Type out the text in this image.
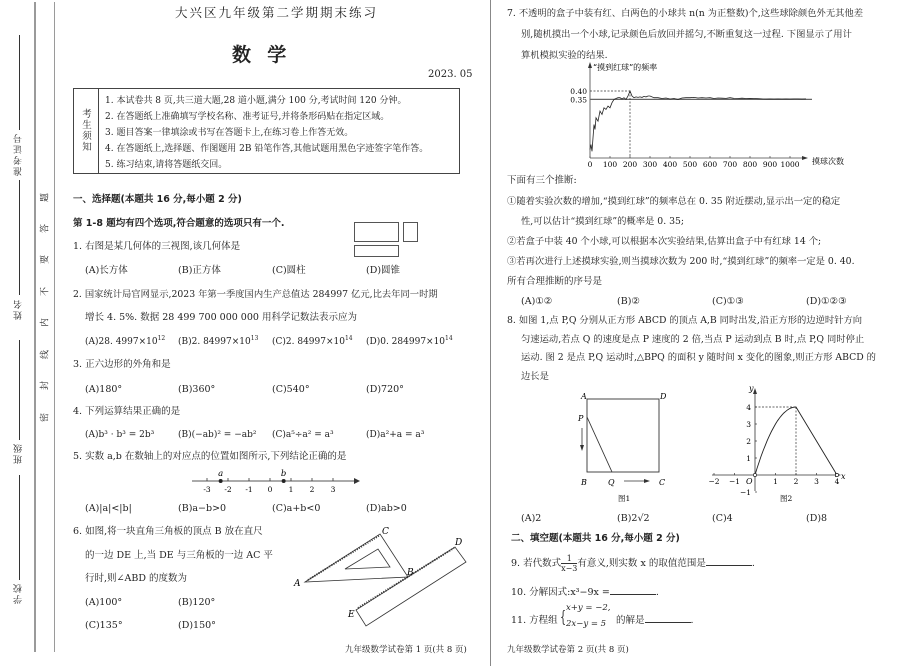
准考证号
姓名
班级
学校
密
封
线
内
不
要
答
题
大兴区九年级第二学期期末练习
数  学
2023. 05
考
生
须
知
1. 本试卷共 8 页,共三道大题,28 道小题,满分 100 分,考试时间 120 分钟。
2. 在答题纸上准确填写学校名称、准考证号,并将条形码贴在指定区域。
3. 题目答案一律填涂或书写在答题卡上,在练习卷上作答无效。
4. 在答题纸上,选择题、作图题用 2B 铅笔作答,其他试题用黑色字迹签字笔作答。
5. 练习结束,请将答题纸交回。
一、选择题(本题共 16 分,每小题 2 分)
第 1-8 题均有四个选项,符合题意的选项只有一个.
1. 右图是某几何体的三视图,该几何体是
(A)长方体	(B)正方体	(C)圆柱	(D)圆锥
2. 国家统计局官网显示,2023 年第一季度国内生产总值达 284997 亿元,比去年同一时期
增长 4. 5%. 数据 28 499 700 000 000 用科学记数法表示应为
(A)28. $4997\times 10^{12}$ (B)2. $84997\times 10^{13}$ (C)2. $84997\times 10^{14}$ (D)0. $284997\times 10^{14}$
3. 正六边形的外角和是
(A)180°	(B)360°	(C)540°	(D)720°
4. 下列运算结果正确的是
(A)b³ · b³ = 2b³	(B)(−ab)² = −ab² (C)a⁵÷a² = a³	(D)a²+a = a³
5. 实数 a,b 在数轴上的对应点的位置如图所示,下列结论正确的是
-3 -2 -1 0 1 2 3
a	b
(A)|a|<|b|	(B)a−b>0	(C)a+b<0	(D)ab>0
6. 如图,将一块直角三角板的顶点 B 放在直尺
的一边 DE 上,当 DE 与三角板的一边 AC 平
行时,则∠ABD 的度数为
(A)100°	(B)120°
(C)135°	(D)150°
A
B
C
D
E
九年级数学试卷第 1 页(共 8 页)
7. 不透明的盒子中装有红、白两色的小球共 n(n 为正整数)个,这些球除颜色外无其他差
别,随机摸出一个小球,记录颜色后放回并摇匀,不断重复这一过程. 下图显示了用计
算机模拟实验的结果.
“摸到红球”的频率
摸球次数
0 100 200 300 400 500 600 700 800 900 1000
0.35
0.40
下面有三个推断:
①随着实验次数的增加,“摸到红球”的频率总在 0. 35 附近摆动,显示出一定的稳定
性,可以估计“摸到红球”的概率是 0. 35;
②若盒子中装 40 个小球,可以根据本次实验结果,估算出盒子中有红球 14 个;
③若再次进行上述摸球实验,则当摸球次数为 200 时,“摸到红球”的频率一定是 0. 40.
所有合理推断的序号是
(A)①②	(B)②	(C)①③	(D)①②③
8. 如图 1,点 P,Q 分别从正方形 ABCD 的顶点 A,B 同时出发,沿正方形的边逆时针方向
匀速运动,若点 Q 的速度是点 P 速度的 2 倍,当点 P 运动到点 B 时,点 P,Q 同时停止
运动. 图 2 是点 P,Q 运动时,△BPQ 的面积 y 随时间 x 变化的图象,则正方形 ABCD 的
边长是
A	D
P
B	Q	C
图1
−2 −1	1 2 3 4
4
3
2
1
−1
x
y
O
图2
(A)2	(B)2√2	(C)4	(D)8
二、填空题(本题共 16 分,每小题 2 分)
9. 若代数式 $\frac{1}{x-3}$ 有意义,则实数 x 的取值范围是	.
10. 分解因式:x³−9x =	.
11. 方程组 { x+y = −2,
2x−y = 5 的解是	.
九年级数学试卷第 2 页(共 8 页)
